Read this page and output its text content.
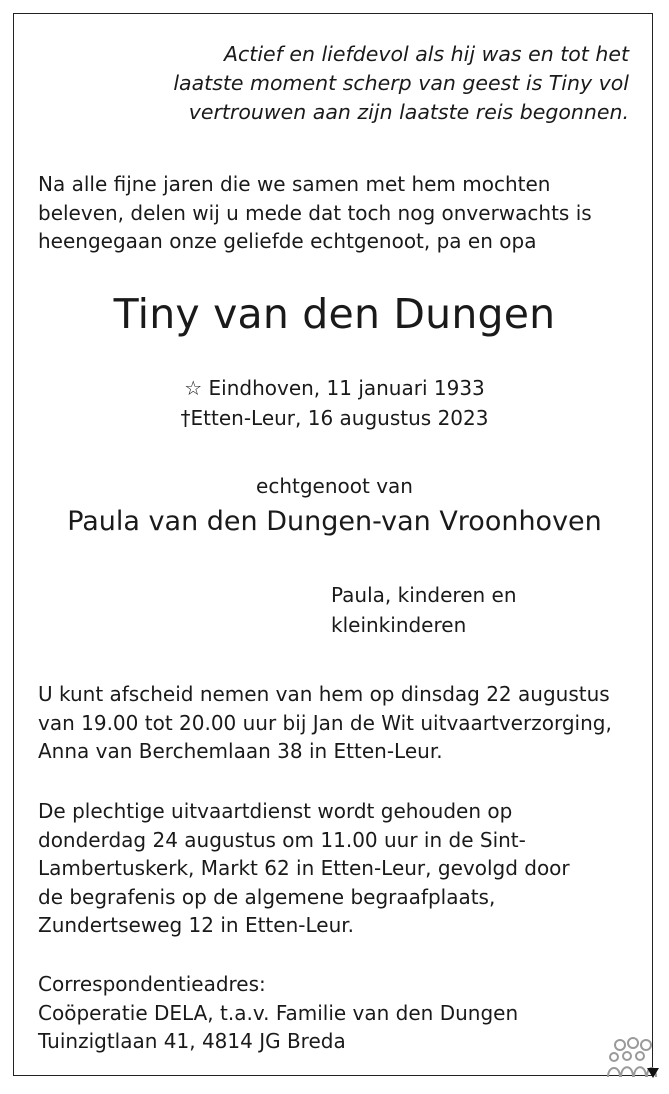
Actief en liefdevol als hij was en tot het
laatste moment scherp van geest is Tiny vol
vertrouwen aan zijn laatste reis begonnen.
Na alle fijne jaren die we samen met hem mochten
beleven, delen wij u mede dat toch nog onverwachts is
heengegaan onze geliefde echtgenoot, pa en opa
Tiny van den Dungen
☆ Eindhoven, 11 januari 1933
†Etten-Leur, 16 augustus 2023
echtgenoot van
Paula van den Dungen-van Vroonhoven
Paula, kinderen en
kleinkinderen
U kunt afscheid nemen van hem op dinsdag 22 augustus
van 19.00 tot 20.00 uur bij Jan de Wit uitvaartverzorging,
Anna van Berchemlaan 38 in Etten-Leur.
De plechtige uitvaartdienst wordt gehouden op
donderdag 24 augustus om 11.00 uur in de Sint-
Lambertuskerk, Markt 62 in Etten-Leur, gevolgd door
de begrafenis op de algemene begraafplaats,
Zundertseweg 12 in Etten-Leur.
Correspondentieadres:
Coöperatie DELA, t.a.v. Familie van den Dungen
Tuinzigtlaan 41, 4814 JG Breda
